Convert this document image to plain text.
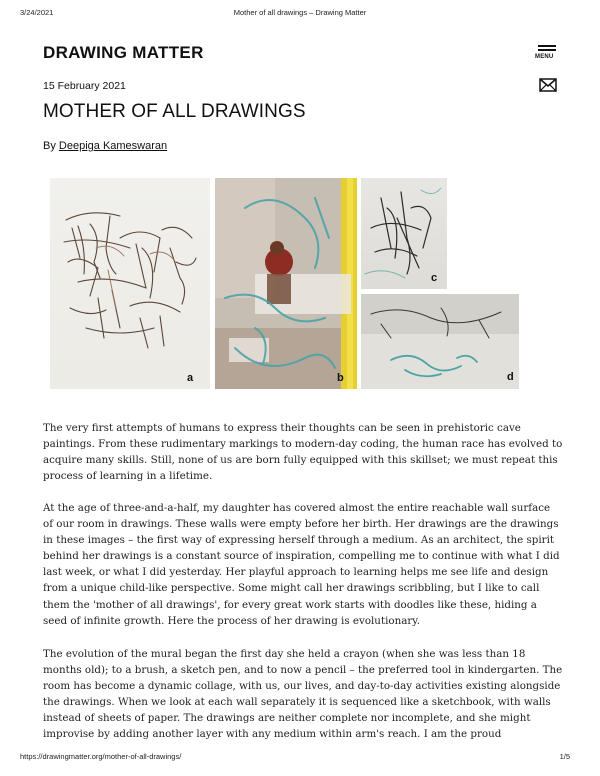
3/24/2021	Mother of all drawings – Drawing Matter
DRAWING MATTER	MENU
15 February 2021
MOTHER OF ALL DRAWINGS
By Deepiga Kameswaran
a	b
c
d

The very first attempts of humans to express their thoughts can be seen in prehistoric cave paintings. From these rudimentary markings to modern-day coding, the human race has evolved to acquire many skills. Still, none of us are born fully equipped with this skillset; we must repeat this process of learning in a lifetime.

At the age of three-and-a-half, my daughter has covered almost the entire reachable wall surface of our room in drawings. These walls were empty before her birth. Her drawings are the drawings in these images – the first way of expressing herself through a medium. As an architect, the spirit behind her drawings is a constant source of inspiration, compelling me to continue with what I did last week, or what I did yesterday. Her playful approach to learning helps me see life and design from a unique child-like perspective. Some might call her drawings scribbling, but I like to call them the 'mother of all drawings', for every great work starts with doodles like these, hiding a seed of infinite growth. Here the process of her drawing is evolutionary.

The evolution of the mural began the first day she held a crayon (when she was less than 18 months old); to a brush, a sketch pen, and to now a pencil – the preferred tool in kindergarten. The room has become a dynamic collage, with us, our lives, and day-to-day activities existing alongside the drawings. When we look at each wall separately it is sequenced like a sketchbook, with walls instead of sheets of paper. The drawings are neither complete nor incomplete, and she might improvise by adding another layer with any medium within arm's reach. I am the proud

https://drawingmatter.org/mother-of-all-drawings/	1/5
